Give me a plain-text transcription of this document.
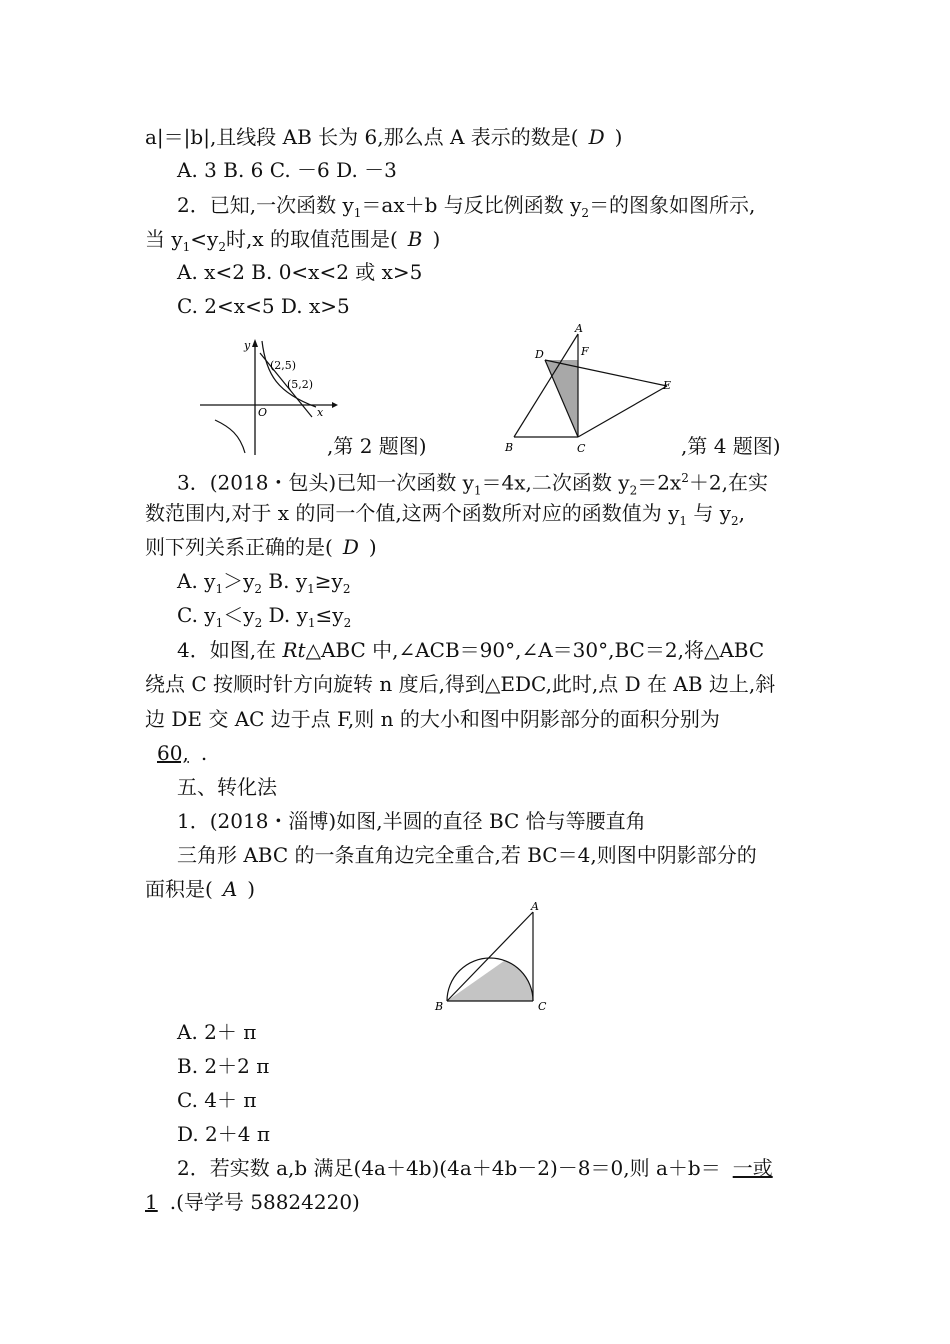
a|＝|b|,且线段 AB 长为 6,那么点 A 表示的数是( D )
A. 3 B. 6 C. －6 D. －3
2．已知,一次函数 $y_1=ax+b$ 与反比例函数 $y_2=$的图象如图所示,
当 $y_1<y_2$时,x 的取值范围是( B )
A. x<2 B. 0<x<2 或 x>5
C. 2<x<5 D. x>5
y
x
O
(2,5)
(5,2)
,第 2 题图)
A
B	C
D	F
E
,第 4 题图)
3．(2018・包头)已知一次函数 $y_1=4x$,二次函数 $y_2=2x^2+2$,在实
数范围内,对于 x 的同一个值,这两个函数所对应的函数值为 $y_1$ 与 $y_2$,
则下列关系正确的是( D )
A. $y_1>y_2$ B. $y_1\ge y_2$
C. $y_1<y_2$ D. $y_1\le y_2$
4．如图,在 Rt△ABC 中,∠ACB＝90°,∠A＝30°,BC＝2,将△ABC
绕点 C 按顺时针方向旋转 n 度后,得到△EDC,此时,点 D 在 AB 边上,斜
边 DE 交 AC 边于点 F,则 n 的大小和图中阴影部分的面积分别为
60, .
五、转化法
1．(2018・淄博)如图,半圆的直径 BC 恰与等腰直角
三角形 ABC 的一条直角边完全重合,若 BC＝4,则图中阴影部分的
面积是( A )
A
B	C
A. 2＋ π
B. 2＋2 π
C. 4＋ π
D. 2＋4 π
2．若实数 a,b 满足(4a＋4b)(4a＋4b－2)－8＝0,则 a＋b＝ 一或
1 .(导学号 58824220)
